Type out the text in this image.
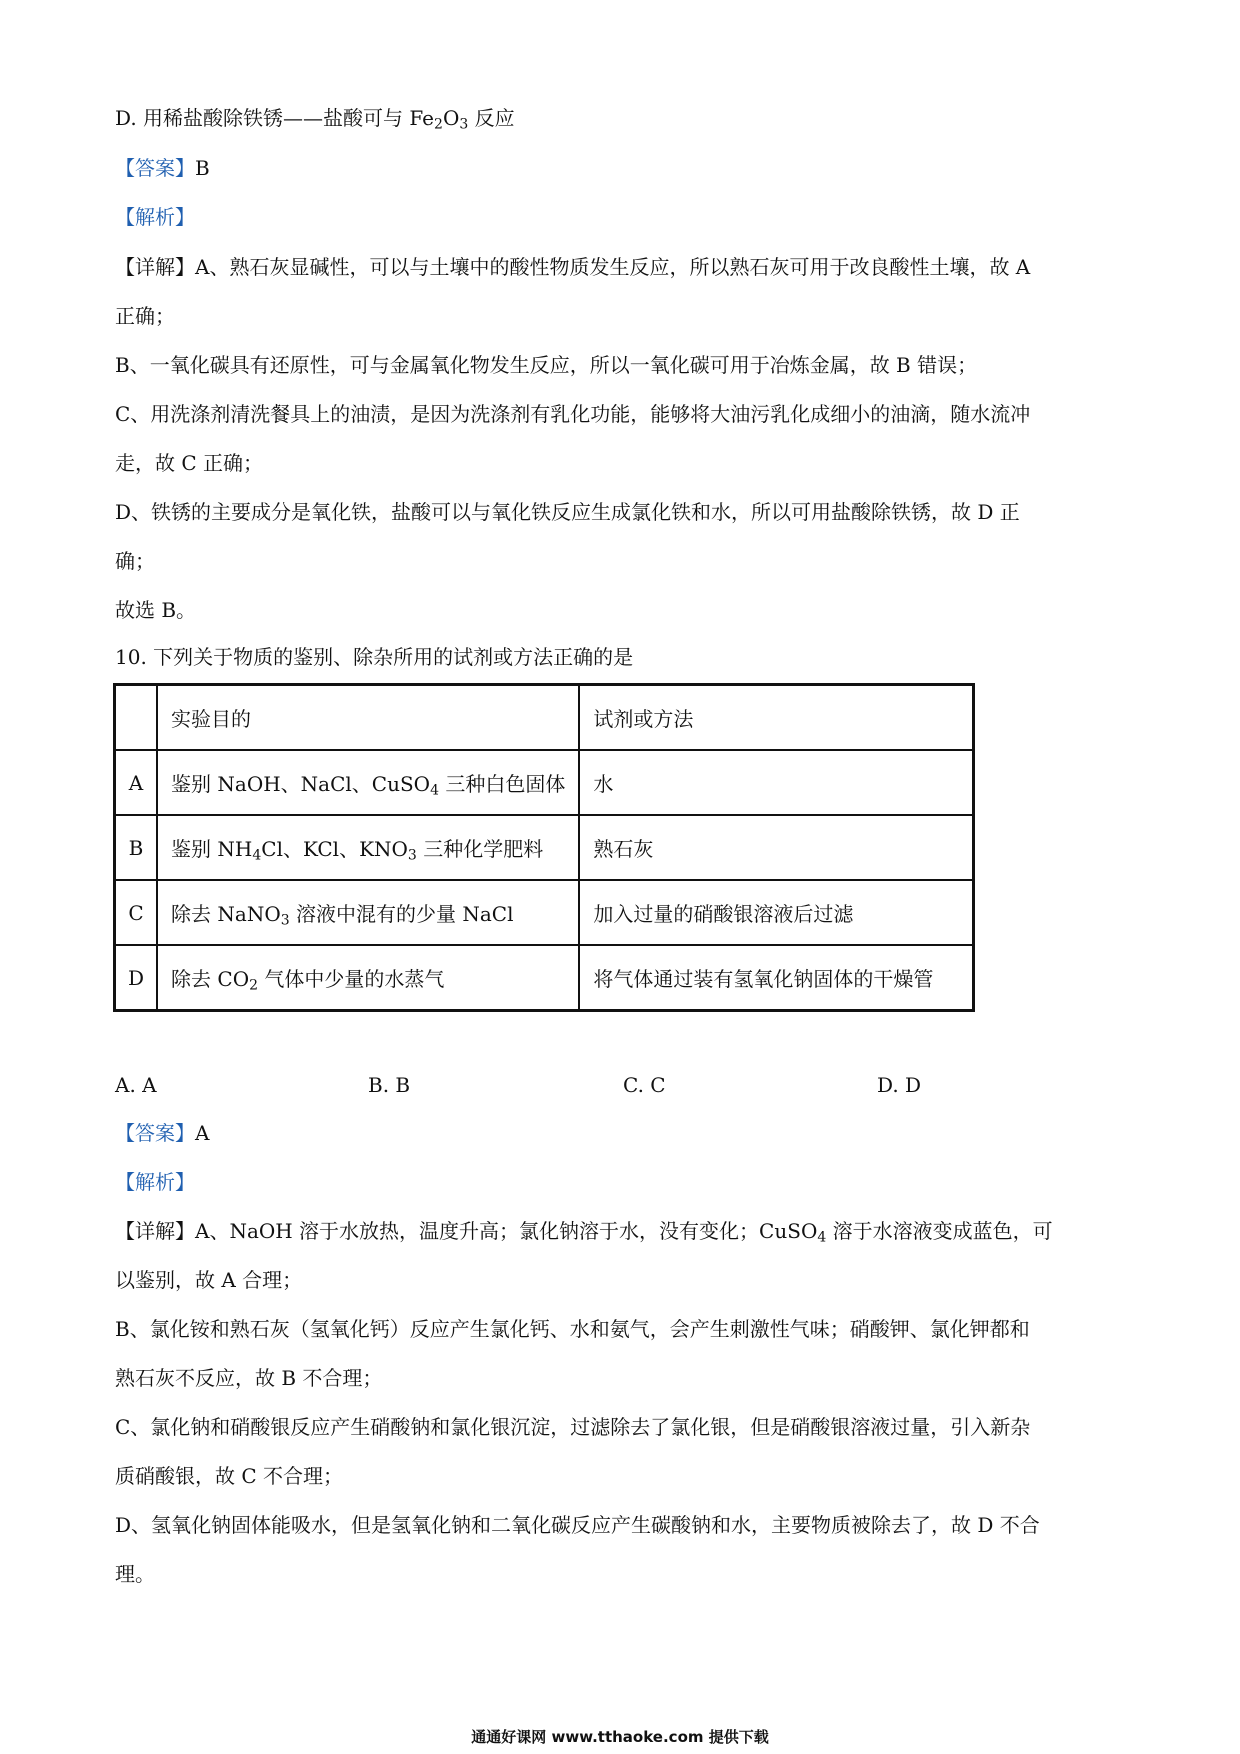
D. 用稀盐酸除铁锈——盐酸可与 $Fe_2O_3$ 反应
【答案】B
【解析】
【详解】A、熟石灰显碱性，可以与土壤中的酸性物质发生反应，所以熟石灰可用于改良酸性土壤，故 A
正确；
B、一氧化碳具有还原性，可与金属氧化物发生反应，所以一氧化碳可用于冶炼金属，故 B 错误；
C、用洗涤剂清洗餐具上的油渍，是因为洗涤剂有乳化功能，能够将大油污乳化成细小的油滴，随水流冲
走，故 C 正确；
D、铁锈的主要成分是氧化铁，盐酸可以与氧化铁反应生成氯化铁和水，所以可用盐酸除铁锈，故 D 正
确；
故选 B。
10. 下列关于物质的鉴别、除杂所用的试剂或方法正确的是
	实验目的	试剂或方法
A	鉴别 NaOH、NaCl、CuSO$_4$ 三种白色固体	水
B	鉴别 $NH_4Cl$、KCl、$KNO_3$ 三种化学肥料	熟石灰
C	除去 NaNO$_3$ 溶液中混有的少量 NaCl	加入过量的硝酸银溶液后过滤
D	除去 $CO_2$ 气体中少量的水蒸气	将气体通过装有氢氧化钠固体的干燥管
A. A	B. B	C. C	D. D
【答案】A
【解析】
【详解】A、NaOH 溶于水放热，温度升高；氯化钠溶于水，没有变化；CuSO$_4$ 溶于水溶液变成蓝色，可
以鉴别，故 A 合理；
B、氯化铵和熟石灰（氢氧化钙）反应产生氯化钙、水和氨气，会产生刺激性气味；硝酸钾、氯化钾都和
熟石灰不反应，故 B 不合理；
C、氯化钠和硝酸银反应产生硝酸钠和氯化银沉淀，过滤除去了氯化银，但是硝酸银溶液过量，引入新杂
质硝酸银，故 C 不合理；
D、氢氧化钠固体能吸水，但是氢氧化钠和二氧化碳反应产生碳酸钠和水，主要物质被除去了，故 D 不合
理。
通通好课网 www.tthaoke.com 提供下载
